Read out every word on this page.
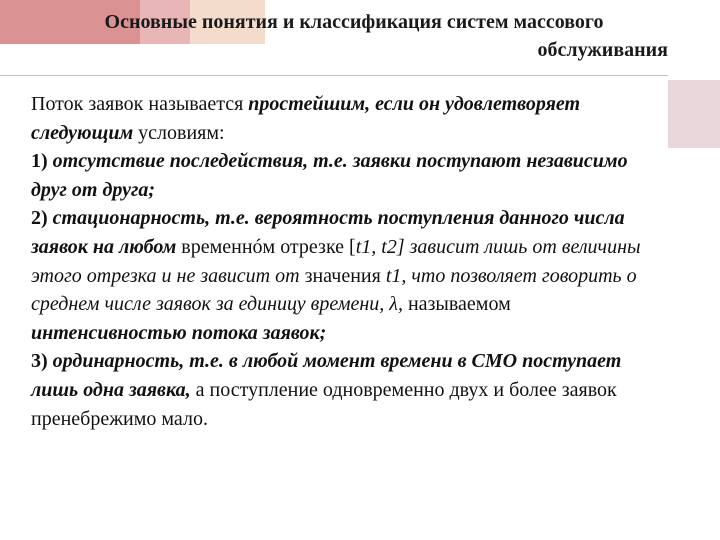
Основные понятия и классификация систем массового
обслуживания

Поток заявок называется простейшим, если он удовлетворяет следующим условиям:

1) отсутствие последействия, т.е. заявки поступают независимо друг от друга;

2) стационарность, т.е. вероятность поступления данного числа заявок на любом временнóм отрезке [t1, t2] зависит лишь от величины этого отрезка и не зависит от значения t1, что позволяет говорить о среднем числе заявок за единицу времени, λ, называемом интенсивностью потока заявок;

3) ординарность, т.е. в любой момент времени в СМО поступает лишь одна заявка, а поступление одновременно двух и более заявок пренебрежимо мало.
